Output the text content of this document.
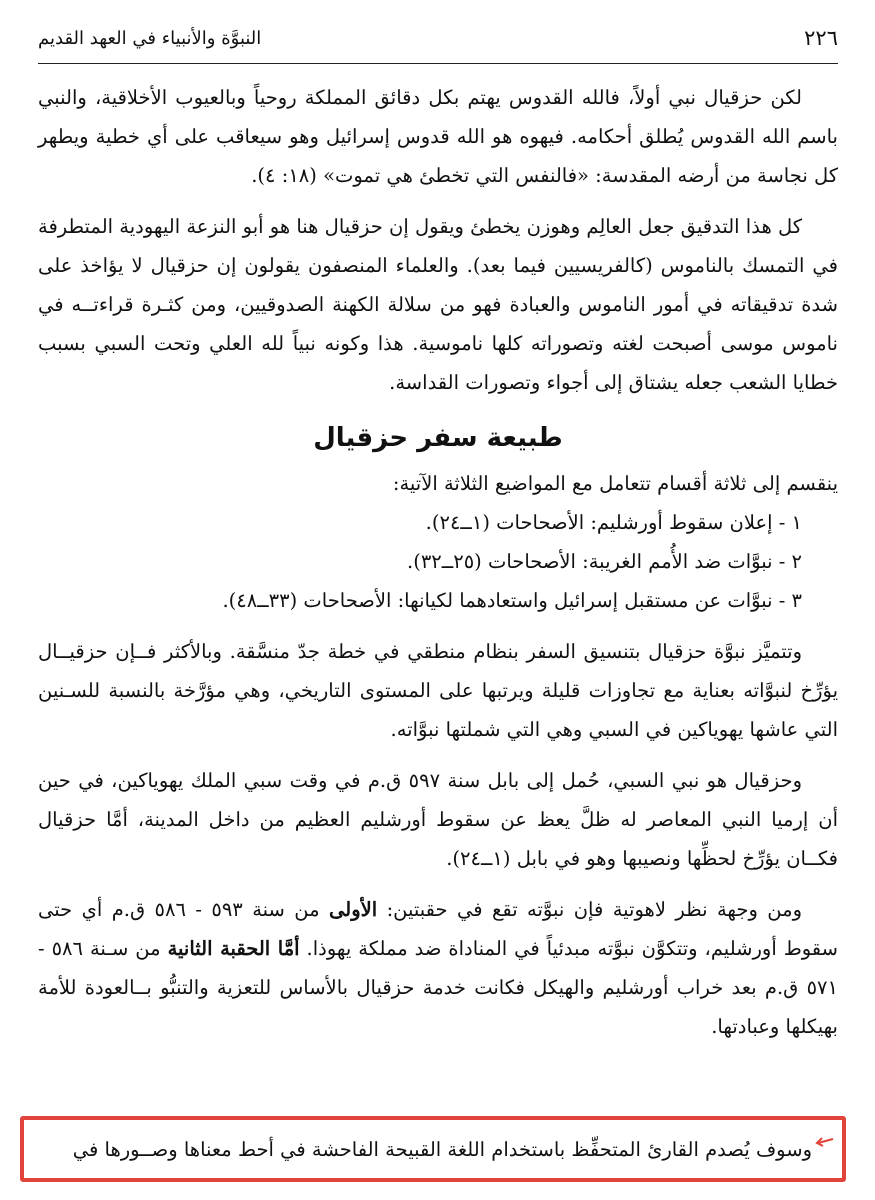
٢٢٦
النبوَّة والأنبياء في العهد القديم

لكن حزقيال نبي أولاً، فالله القدوس يهتم بكل دقائق المملكة روحياً وبالعيوب الأخلاقية، والنبي باسم الله القدوس يُطلق أحكامه. فيهوه هو الله قدوس إسرائيل وهو سيعاقب على أي خطية ويطهر كل نجاسة من أرضه المقدسة: «فالنفس التي تخطئ هي تموت» (١٨: ٤).

كل هذا التدقيق جعل العالِم وهوزن يخطئ ويقول إن حزقيال هنا هو أبو النزعة اليهودية المتطرفة في التمسك بالناموس (كالفريسيين فيما بعد). والعلماء المنصفون يقولون إن حزقيال لا يؤاخذ على شدة تدقيقاته في أمور الناموس والعبادة فهو من سلالة الكهنة الصدوقيين، ومن كثـرة قراءتــه في ناموس موسى أصبحت لغته وتصوراته كلها ناموسية. هذا وكونه نبياً لله العلي وتحت السبي بسبب خطايا الشعب جعله يشتاق إلى أجواء وتصورات القداسة.

طبيعة سفر حزقيال

ينقسم إلى ثلاثة أقسام تتعامل مع المواضيع الثلاثة الآتية:

١ - إعلان سقوط أورشليم: الأصحاحات (١ــ٢٤).

٢ - نبوَّات ضد الأُمم الغريبة: الأصحاحات (٢٥ــ٣٢).

٣ - نبوَّات عن مستقبل إسرائيل واستعادهما لكيانها: الأصحاحات (٣٣ــ٤٨).

وتتميَّز نبوَّة حزقيال بتنسيق السفر بنظام منطقي في خطة جدّ منسَّقة. وبالأكثر فــإن حزقيــال يؤرِّخ لنبوَّاته بعناية مع تجاوزات قليلة ويرتبها على المستوى التاريخي، وهي مؤرَّخة بالنسبة للسـنين التي عاشها يهوياكين في السبي وهي التي شملتها نبوَّاته.

وحزقيال هو نبي السبي، حُمل إلى بابل سنة ٥٩٧ ق.م في وقت سبي الملك يهوياكين، في حين أن إرميا النبي المعاصر له ظلَّ يعظ عن سقوط أورشليم العظيم من داخل المدينة، أمَّا حزقيال فكــان يؤرِّخ لحظِّها ونصيبها وهو في بابل (١ــ٢٤).

ومن وجهة نظر لاهوتية فإن نبوَّته تقع في حقبتين: الأولى من سنة ٥٩٣ - ٥٨٦ ق.م أي حتى سقوط أورشليم، وتتكوَّن نبوَّته مبدئياً في المناداة ضد مملكة يهوذا. أمَّا الحقبة الثانية من سـنة ٥٨٦ - ٥٧١ ق.م بعد خراب أورشليم والهيكل فكانت خدمة حزقيال بالأساس للتعزية والتنبُّو بــالعودة للأمة بهيكلها وعبادتها.

وسوف يُصدم القارئ المتحفِّظ باستخدام اللغة القبيحة الفاحشة في أحط معناها وصــورها في
